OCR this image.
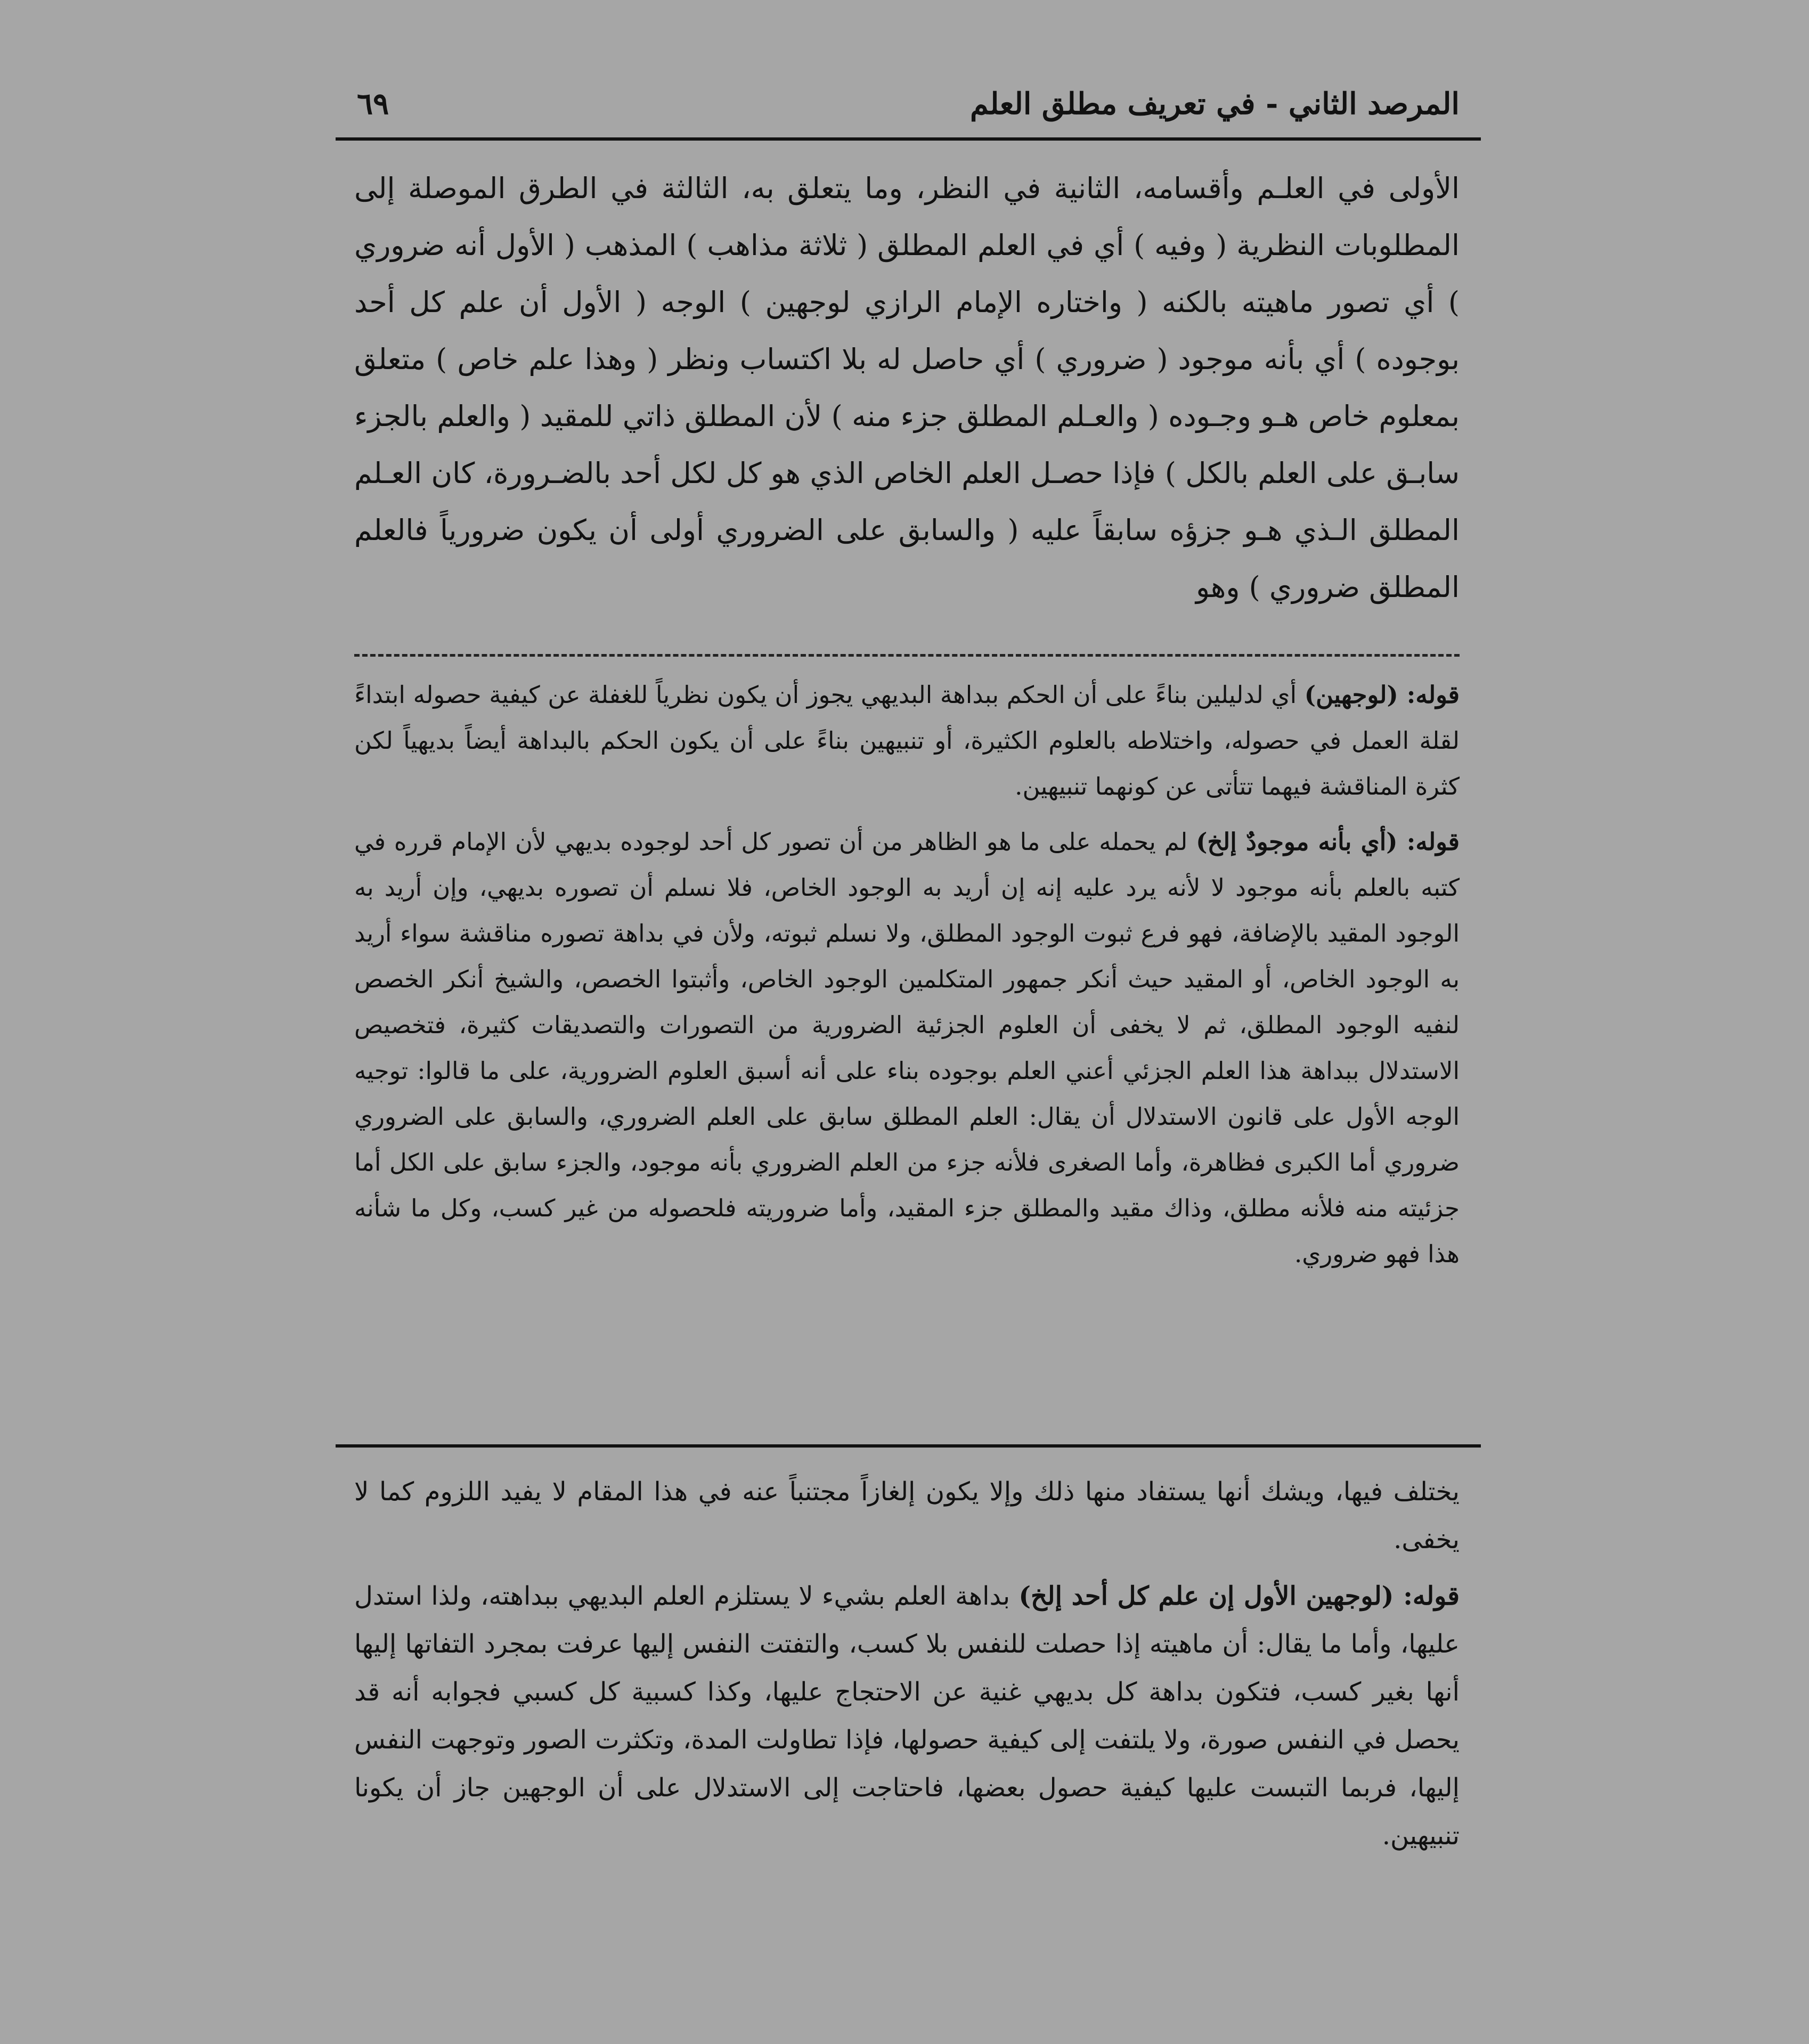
المرصد الثاني - في تعريف مطلق العلم
٦٩

الأولى في العلـم وأقسامه، الثانية في النظر، وما يتعلق به، الثالثة في الطرق الموصلة إلى المطلوبات النظرية ( وفيه ) أي في العلم المطلق ( ثلاثة مذاهب ) المذهب ( الأول أنه ضروري ) أي تصور ماهيته بالكنه ( واختاره الإمام الرازي لوجهين ) الوجه ( الأول أن علم كل أحد بوجوده ) أي بأنه موجود ( ضروري ) أي حاصل له بلا اكتساب ونظر ( وهذا علم خاص ) متعلق بمعلوم خاص هـو وجـوده ( والعـلم المطلق جزء منه ) لأن المطلق ذاتي للمقيد ( والعلم بالجزء سابـق على العلم بالكل ) فإذا حصـل العلم الخاص الذي هو كل لكل أحد بالضـرورة، كان العـلم المطلق الـذي هـو جزؤه سابقاً عليه ( والسابق على الضروري أولى أن يكون ضرورياً فالعلم المطلق ضروري ) وهو

قوله: (لوجهين) أي لدليلين بناءً على أن الحكم ببداهة البديهي يجوز أن يكون نظرياً للغفلة عن كيفية حصوله ابتداءً لقلة العمل في حصوله، واختلاطه بالعلوم الكثيرة، أو تنبيهين بناءً على أن يكون الحكم بالبداهة أيضاً بديهياً لكن كثرة المناقشة فيهما تتأتى عن كونهما تنبيهين.

قوله: (أي بأنه موجودٌ إلخ) لم يحمله على ما هو الظاهر من أن تصور كل أحد لوجوده بديهي لأن الإمام قرره في كتبه بالعلم بأنه موجود لا لأنه يرد عليه إنه إن أريد به الوجود الخاص، فلا نسلم أن تصوره بديهي، وإن أريد به الوجود المقيد بالإضافة، فهو فرع ثبوت الوجود المطلق، ولا نسلم ثبوته، ولأن في بداهة تصوره مناقشة سواء أريد به الوجود الخاص، أو المقيد حيث أنكر جمهور المتكلمين الوجود الخاص، وأثبتوا الخصص، والشيخ أنكر الخصص لنفيه الوجود المطلق، ثم لا يخفى أن العلوم الجزئية الضرورية من التصورات والتصديقات كثيرة، فتخصيص الاستدلال ببداهة هذا العلم الجزئي أعني العلم بوجوده بناء على أنه أسبق العلوم الضرورية، على ما قالوا: توجيه الوجه الأول على قانون الاستدلال أن يقال: العلم المطلق سابق على العلم الضروري، والسابق على الضروري ضروري أما الكبرى فظاهرة، وأما الصغرى فلأنه جزء من العلم الضروري بأنه موجود، والجزء سابق على الكل أما جزئيته منه فلأنه مطلق، وذاك مقيد والمطلق جزء المقيد، وأما ضروريته فلحصوله من غير كسب، وكل ما شأنه هذا فهو ضروري.

يختلف فيها، ويشك أنها يستفاد منها ذلك وإلا يكون إلغازاً مجتنباً عنه في هذا المقام لا يفيد اللزوم كما لا يخفى.

قوله: (لوجهين الأول إن علم كل أحد إلخ) بداهة العلم بشيء لا يستلزم العلم البديهي ببداهته، ولذا استدل عليها، وأما ما يقال: أن ماهيته إذا حصلت للنفس بلا كسب، والتفتت النفس إليها عرفت بمجرد التفاتها إليها أنها بغير كسب، فتكون بداهة كل بديهي غنية عن الاحتجاج عليها، وكذا كسبية كل كسبي فجوابه أنه قد يحصل في النفس صورة، ولا يلتفت إلى كيفية حصولها، فإذا تطاولت المدة، وتكثرت الصور وتوجهت النفس إليها، فربما التبست عليها كيفية حصول بعضها، فاحتاجت إلى الاستدلال على أن الوجهين جاز أن يكونا تنبيهين.
